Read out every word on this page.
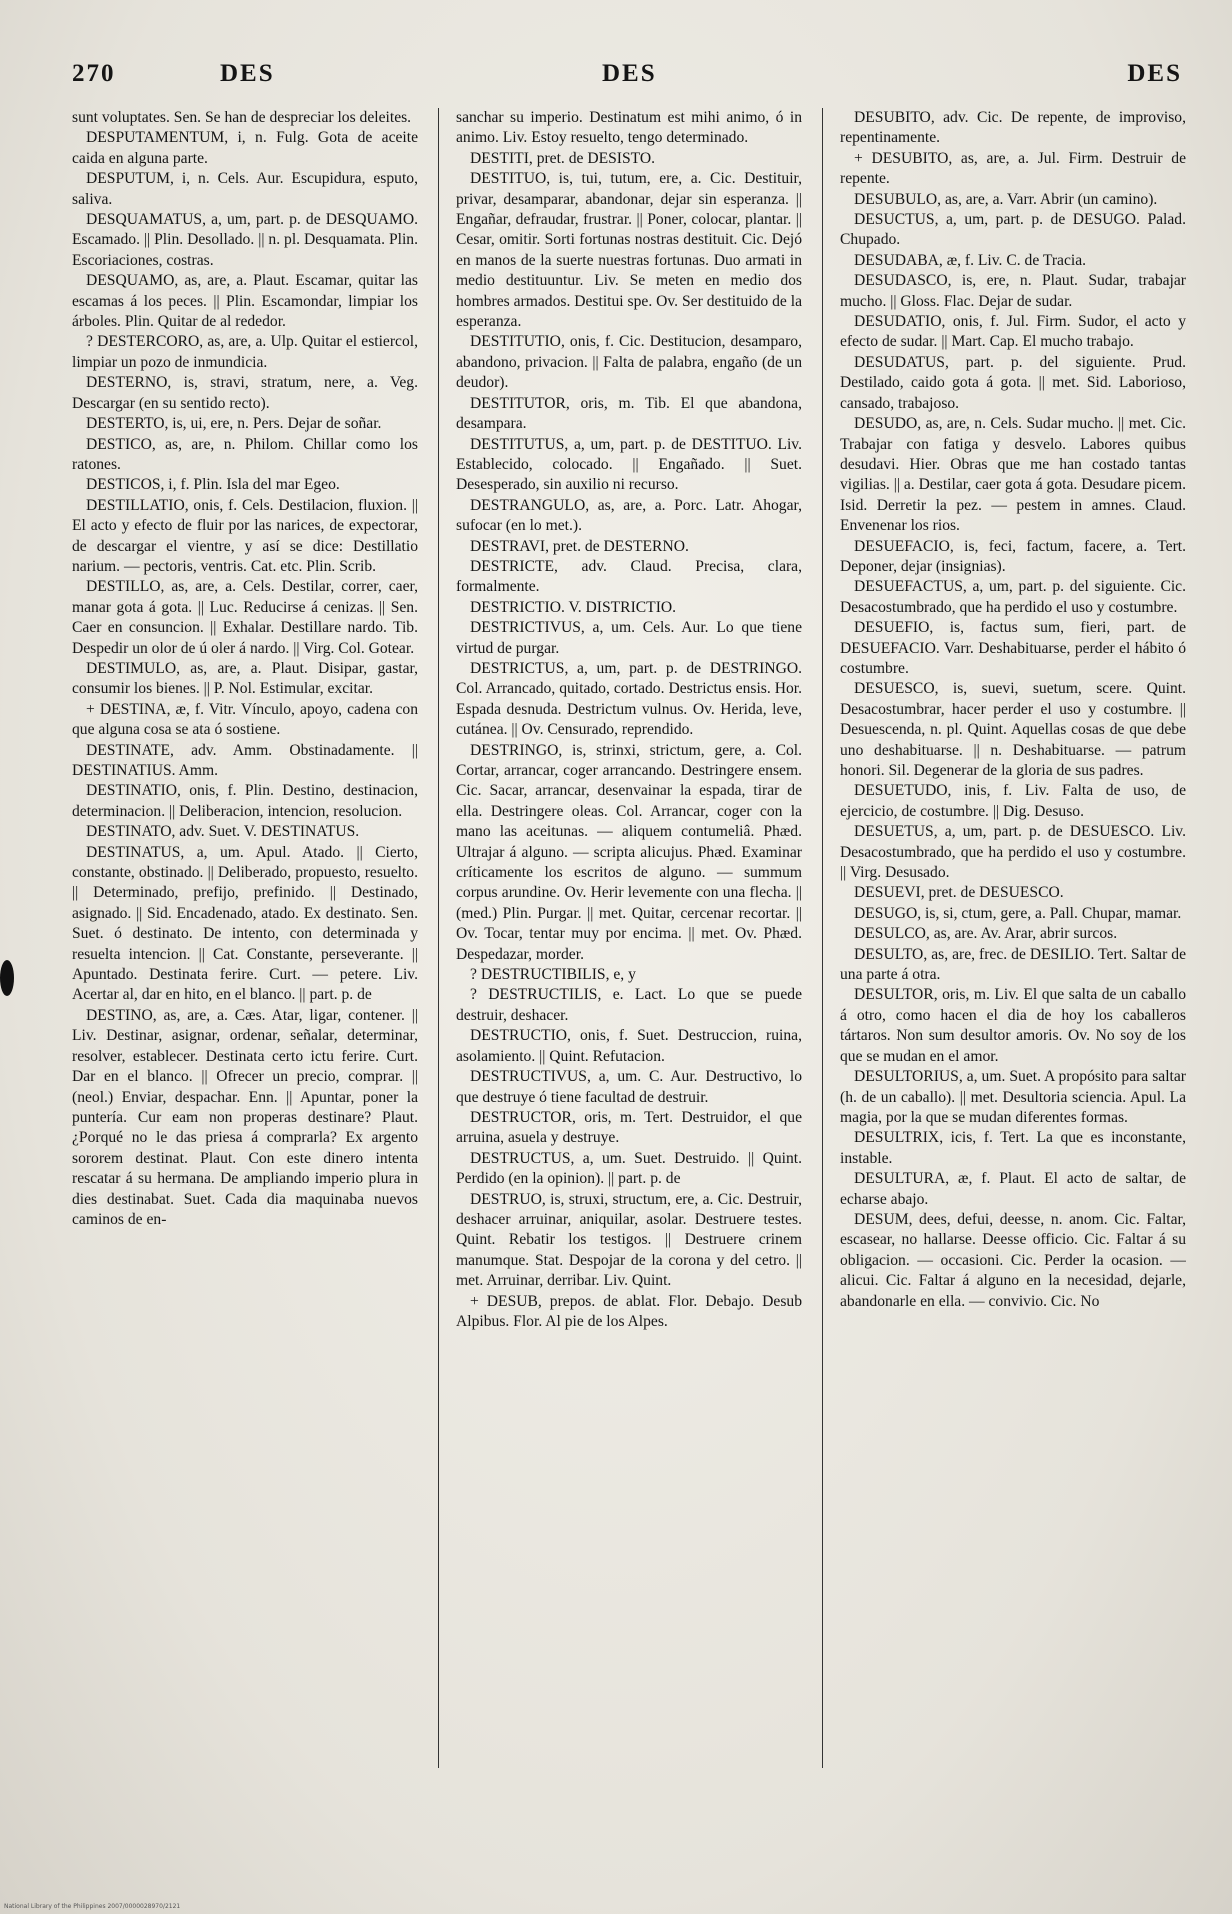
270	DES	DES	DES

sunt voluptates. Sen. Se han de despreciar los deleites.

DESPUTAMENTUM, i, n. Fulg. Gota de aceite caida en alguna parte.

DESPUTUM, i, n. Cels. Aur. Escupidura, esputo, saliva.

DESQUAMATUS, a, um, part. p. de DESQUAMO. Escamado. || Plin. Desollado. || n. pl. Desquamata. Plin. Escoriaciones, costras.

DESQUAMO, as, are, a. Plaut. Escamar, quitar las escamas á los peces. || Plin. Escamondar, limpiar los árboles. Plin. Quitar de al rededor.

? DESTERCORO, as, are, a. Ulp. Quitar el estiercol, limpiar un pozo de inmundicia.

DESTERNO, is, stravi, stratum, nere, a. Veg. Descargar (en su sentido recto).

DESTERTO, is, ui, ere, n. Pers. Dejar de soñar.

DESTICO, as, are, n. Philom. Chillar como los ratones.

DESTICOS, i, f. Plin. Isla del mar Egeo.

DESTILLATIO, onis, f. Cels. Destilacion, fluxion. || El acto y efecto de fluir por las narices, de expectorar, de descargar el vientre, y así se dice: Destillatio narium. — pectoris, ventris. Cat. etc. Plin. Scrib.

DESTILLO, as, are, a. Cels. Destilar, correr, caer, manar gota á gota. || Luc. Reducirse á cenizas. || Sen. Caer en consuncion. || Exhalar. Destillare nardo. Tib. Despedir un olor de ú oler á nardo. || Virg. Col. Gotear.

DESTIMULO, as, are, a. Plaut. Disipar, gastar, consumir los bienes. || P. Nol. Estimular, excitar.

+ DESTINA, æ, f. Vitr. Vínculo, apoyo, cadena con que alguna cosa se ata ó sostiene.

DESTINATE, adv. Amm. Obstinadamente. || DESTINATIUS. Amm.

DESTINATIO, onis, f. Plin. Destino, destinacion, determinacion. || Deliberacion, intencion, resolucion.

DESTINATO, adv. Suet. V. DESTINATUS.

DESTINATUS, a, um. Apul. Atado. || Cierto, constante, obstinado. || Deliberado, propuesto, resuelto. || Determinado, prefijo, prefinido. || Destinado, asignado. || Sid. Encadenado, atado. Ex destinato. Sen. Suet. ó destinato. De intento, con determinada y resuelta intencion. || Cat. Constante, perseverante. || Apuntado. Destinata ferire. Curt. — petere. Liv. Acertar al, dar en hito, en el blanco. || part. p. de

DESTINO, as, are, a. Cæs. Atar, ligar, contener. || Liv. Destinar, asignar, ordenar, señalar, determinar, resolver, establecer. Destinata certo ictu ferire. Curt. Dar en el blanco. || Ofrecer un precio, comprar. || (neol.) Enviar, despachar. Enn. || Apuntar, poner la puntería. Cur eam non properas destinare? Plaut. ¿Porqué no le das priesa á comprarla? Ex argento sororem destinat. Plaut. Con este dinero intenta rescatar á su hermana. De ampliando imperio plura in dies destinabat. Suet. Cada dia maquinaba nuevos caminos de en-

sanchar su imperio. Destinatum est mihi animo, ó in animo. Liv. Estoy resuelto, tengo determinado.

DESTITI, pret. de DESISTO.

DESTITUO, is, tui, tutum, ere, a. Cic. Destituir, privar, desamparar, abandonar, dejar sin esperanza. || Engañar, defraudar, frustrar. || Poner, colocar, plantar. || Cesar, omitir. Sorti fortunas nostras destituit. Cic. Dejó en manos de la suerte nuestras fortunas. Duo armati in medio destituuntur. Liv. Se meten en medio dos hombres armados. Destitui spe. Ov. Ser destituido de la esperanza.

DESTITUTIO, onis, f. Cic. Destitucion, desamparo, abandono, privacion. || Falta de palabra, engaño (de un deudor).

DESTITUTOR, oris, m. Tib. El que abandona, desampara.

DESTITUTUS, a, um, part. p. de DESTITUO. Liv. Establecido, colocado. || Engañado. || Suet. Desesperado, sin auxilio ni recurso.

DESTRANGULO, as, are, a. Porc. Latr. Ahogar, sufocar (en lo met.).

DESTRAVI, pret. de DESTERNO.

DESTRICTE, adv. Claud. Precisa, clara, formalmente.

DESTRICTIO. V. DISTRICTIO.

DESTRICTIVUS, a, um. Cels. Aur. Lo que tiene virtud de purgar.

DESTRICTUS, a, um, part. p. de DESTRINGO. Col. Arrancado, quitado, cortado. Destrictus ensis. Hor. Espada desnuda. Destrictum vulnus. Ov. Herida, leve, cutánea. || Ov. Censurado, reprendido.

DESTRINGO, is, strinxi, strictum, gere, a. Col. Cortar, arrancar, coger arrancando. Destringere ensem. Cic. Sacar, arrancar, desenvainar la espada, tirar de ella. Destringere oleas. Col. Arrancar, coger con la mano las aceitunas. — aliquem contumeliâ. Phæd. Ultrajar á alguno. — scripta alicujus. Phæd. Examinar críticamente los escritos de alguno. — summum corpus arundine. Ov. Herir levemente con una flecha. || (med.) Plin. Purgar. || met. Quitar, cercenar recortar. || Ov. Tocar, tentar muy por encima. || met. Ov. Phæd. Despedazar, morder.

? DESTRUCTIBILIS, e, y

? DESTRUCTILIS, e. Lact. Lo que se puede destruir, deshacer.

DESTRUCTIO, onis, f. Suet. Destruccion, ruina, asolamiento. || Quint. Refutacion.

DESTRUCTIVUS, a, um. C. Aur. Destructivo, lo que destruye ó tiene facultad de destruir.

DESTRUCTOR, oris, m. Tert. Destruidor, el que arruina, asuela y destruye.

DESTRUCTUS, a, um. Suet. Destruido. || Quint. Perdido (en la opinion). || part. p. de

DESTRUO, is, struxi, structum, ere, a. Cic. Destruir, deshacer arruinar, aniquilar, asolar. Destruere testes. Quint. Rebatir los testigos. || Destruere crinem manumque. Stat. Despojar de la corona y del cetro. || met. Arruinar, derribar. Liv. Quint.

+ DESUB, prepos. de ablat. Flor. Debajo. Desub Alpibus. Flor. Al pie de los Alpes.

DESUBITO, adv. Cic. De repente, de improviso, repentinamente.

+ DESUBITO, as, are, a. Jul. Firm. Destruir de repente.

DESUBULO, as, are, a. Varr. Abrir (un camino).

DESUCTUS, a, um, part. p. de DESUGO. Palad. Chupado.

DESUDABA, æ, f. Liv. C. de Tracia.

DESUDASCO, is, ere, n. Plaut. Sudar, trabajar mucho. || Gloss. Flac. Dejar de sudar.

DESUDATIO, onis, f. Jul. Firm. Sudor, el acto y efecto de sudar. || Mart. Cap. El mucho trabajo.

DESUDATUS, part. p. del siguiente. Prud. Destilado, caido gota á gota. || met. Sid. Laborioso, cansado, trabajoso.

DESUDO, as, are, n. Cels. Sudar mucho. || met. Cic. Trabajar con fatiga y desvelo. Labores quibus desudavi. Hier. Obras que me han costado tantas vigilias. || a. Destilar, caer gota á gota. Desudare picem. Isid. Derretir la pez. — pestem in amnes. Claud. Envenenar los rios.

DESUEFACIO, is, feci, factum, facere, a. Tert. Deponer, dejar (insignias).

DESUEFACTUS, a, um, part. p. del siguiente. Cic. Desacostumbrado, que ha perdido el uso y costumbre.

DESUEFIO, is, factus sum, fieri, part. de DESUEFACIO. Varr. Deshabituarse, perder el hábito ó costumbre.

DESUESCO, is, suevi, suetum, scere. Quint. Desacostumbrar, hacer perder el uso y costumbre. || Desuescenda, n. pl. Quint. Aquellas cosas de que debe uno deshabituarse. || n. Deshabituarse. — patrum honori. Sil. Degenerar de la gloria de sus padres.

DESUETUDO, inis, f. Liv. Falta de uso, de ejercicio, de costumbre. || Dig. Desuso.

DESUETUS, a, um, part. p. de DESUESCO. Liv. Desacostumbrado, que ha perdido el uso y costumbre. || Virg. Desusado.

DESUEVI, pret. de DESUESCO.

DESUGO, is, si, ctum, gere, a. Pall. Chupar, mamar.

DESULCO, as, are. Av. Arar, abrir surcos.

DESULTO, as, are, frec. de DESILIO. Tert. Saltar de una parte á otra.

DESULTOR, oris, m. Liv. El que salta de un caballo á otro, como hacen el dia de hoy los caballeros tártaros. Non sum desultor amoris. Ov. No soy de los que se mudan en el amor.

DESULTORIUS, a, um. Suet. A propósito para saltar (h. de un caballo). || met. Desultoria sciencia. Apul. La magia, por la que se mudan diferentes formas.

DESULTRIX, icis, f. Tert. La que es inconstante, instable.

DESULTURA, æ, f. Plaut. El acto de saltar, de echarse abajo.

DESUM, dees, defui, deesse, n. anom. Cic. Faltar, escasear, no hallarse. Deesse officio. Cic. Faltar á su obligacion. — occasioni. Cic. Perder la ocasion. — alicui. Cic. Faltar á alguno en la necesidad, dejarle, abandonarle en ella. — convivio. Cic. No

National Library of the Philippines 2007/0000028970/2121
